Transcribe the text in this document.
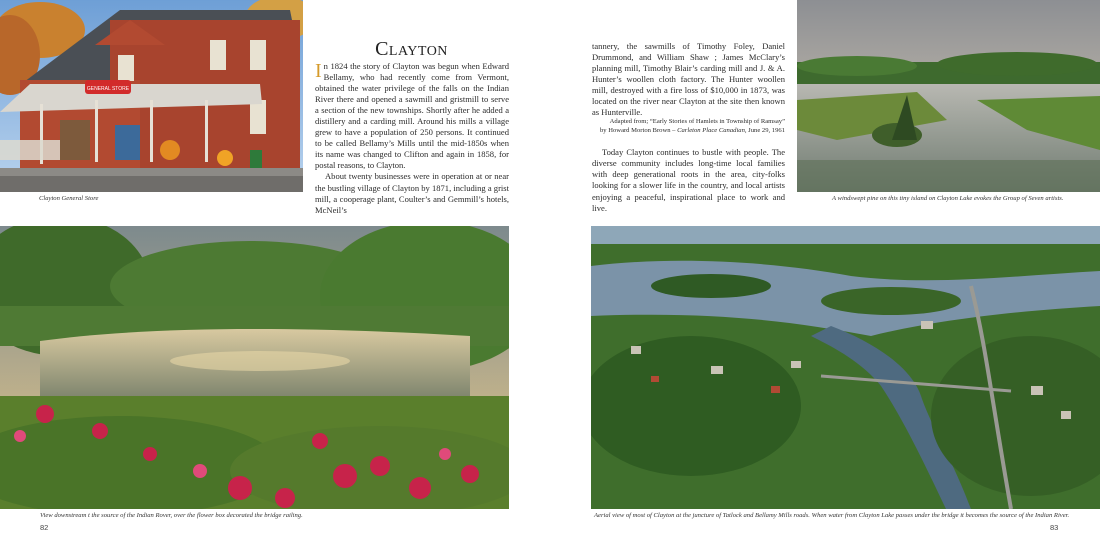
GENERAL STORE
Clayton

In 1824 the story of Clayton was begun when Edward Bellamy, who had recently come from Vermont, obtained the water privilege of the falls on the Indian River there and opened a sawmill and gristmill to serve a section of the new townships. Shortly after he added a distillery and a carding mill. Around his mills a village grew to have a population of 250 persons. It continued to be called Bellamy’s Mills until the mid-1850s when its name was changed to Clifton and again in 1858, for postal reasons, to Clayton.

About twenty businesses were in operation at or near the bustling village of Clayton by 1871, including a grist mill, a cooperage plant, Coulter’s and Gemmill’s hotels, McNeil’s

tannery, the sawmills of Timothy Foley, Daniel Drummond, and William Shaw ; James McClary’s planning mill, Timothy Blair’s carding mill and J. & A. Hunter’s woollen cloth factory. The Hunter woollen mill, destroyed with a fire loss of $10,000 in 1873, was located on the river near Clayton at the site then known as Hunterville.

Adapted from; “Early Stories of Hamlets in Township of Ramsay”
by Howard Morton Brown – Carleton Place Canadian, June 29, 1961

Today Clayton continues to bustle with people. The diverse community includes long-time local families with deep generational roots in the area, city-folks looking for a slower life in the country, and local artists enjoying a peaceful, inspirational place to work and live.

Clayton General Store	A windswept pine on this tiny island on Clayton Lake evokes the Group of Seven artists.
View downstream t the source of the Indian Rover, over the flower box decorated the bridge railing.	Aerial view of most of Clayton at the juncture of Tatlock and Bellamy Mills roads. When water from Clayton Lake passes under the bridge it becomes the source of the Indian River.
82	83
